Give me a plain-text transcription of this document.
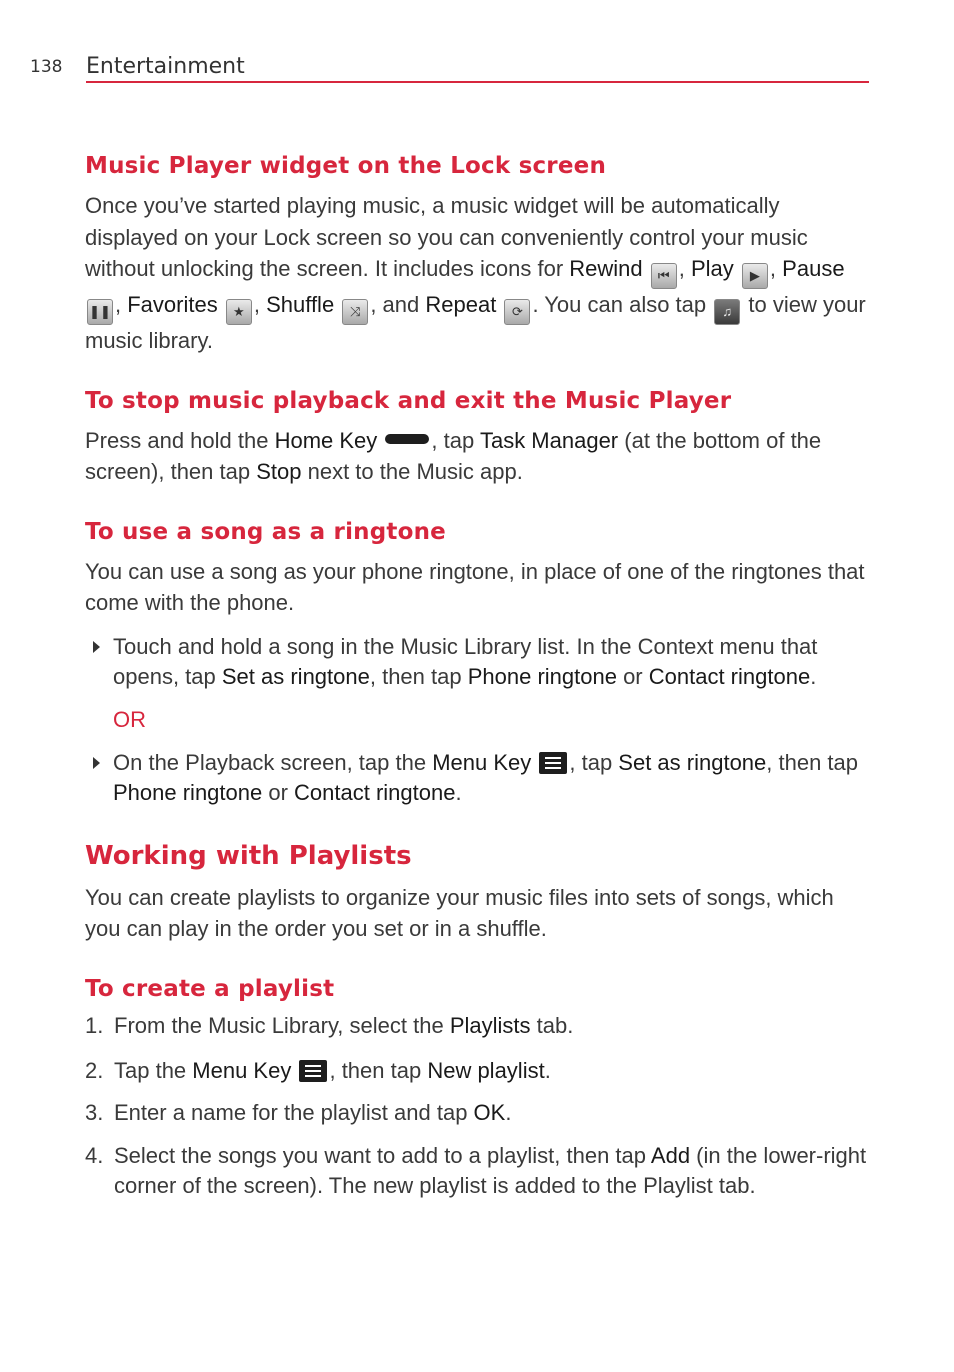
138 Entertainment
Music Player widget on the Lock screen

Once you’ve started playing music, a music widget will be automatically displayed on your Lock screen so you can conveniently control your music without unlocking the screen. It includes icons for Rewind ⏮ , Play ▶ , Pause ❚❚ , Favorites ★ , Shuffle ⤨ , and Repeat ⟳ . You can also tap ♫ to view your music library.

To stop music playback and exit the Music Player

Press and hold the Home Key , tap Task Manager (at the bottom of the screen), then tap Stop next to the Music app.

To use a song as a ringtone

You can use a song as your phone ringtone, in place of one of the ringtones that come with the phone.

Touch and hold a song in the Music Library list. In the Context menu that opens, tap Set as ringtone, then tap Phone ringtone or Contact ringtone.
OR
On the Playback screen, tap the Menu Key , tap Set as ringtone, then tap Phone ringtone or Contact ringtone.
Working with Playlists

You can create playlists to organize your music files into sets of songs, which you can play in the order you set or in a shuffle.

To create a playlist
1. From the Music Library, select the Playlists tab.
2. Tap the Menu Key , then tap New playlist.
3. Enter a name for the playlist and tap OK.
4. Select the songs you want to add to a playlist, then tap Add (in the lower-right corner of the screen). The new playlist is added to the Playlist tab.
